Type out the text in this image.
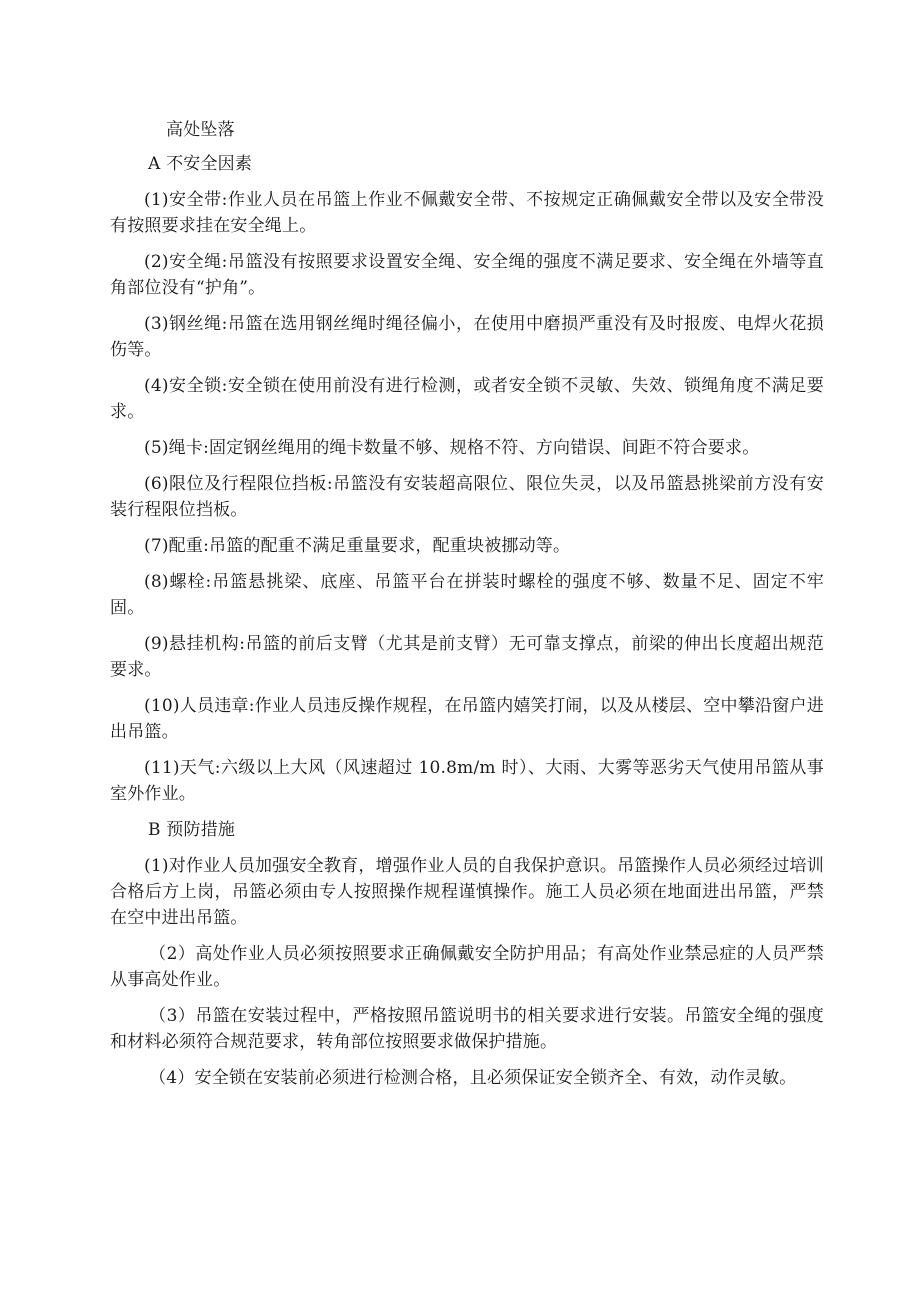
高处坠落

A 不安全因素

(1)安全带:作业人员在吊篮上作业不佩戴安全带、不按规定正确佩戴安全带以及安全带没有按照要求挂在安全绳上。

(2)安全绳:吊篮没有按照要求设置安全绳、安全绳的强度不满足要求、安全绳在外墙等直角部位没有“护角”。

(3)钢丝绳:吊篮在选用钢丝绳时绳径偏小，在使用中磨损严重没有及时报废、电焊火花损伤等。

(4)安全锁:安全锁在使用前没有进行检测，或者安全锁不灵敏、失效、锁绳角度不满足要求。

(5)绳卡:固定钢丝绳用的绳卡数量不够、规格不符、方向错误、间距不符合要求。

(6)限位及行程限位挡板:吊篮没有安装超高限位、限位失灵，以及吊篮悬挑梁前方没有安装行程限位挡板。

(7)配重:吊篮的配重不满足重量要求，配重块被挪动等。

(8)螺栓:吊篮悬挑梁、底座、吊篮平台在拼装时螺栓的强度不够、数量不足、固定不牢固。

(9)悬挂机构:吊篮的前后支臂（尤其是前支臂）无可靠支撑点，前梁的伸出长度超出规范要求。

(10)人员违章:作业人员违反操作规程，在吊篮内嬉笑打闹，以及从楼层、空中攀沿窗户进出吊篮。

(11)天气:六级以上大风（风速超过 10.8m/m 时）、大雨、大雾等恶劣天气使用吊篮从事室外作业。

B 预防措施

(1)对作业人员加强安全教育，增强作业人员的自我保护意识。吊篮操作人员必须经过培训合格后方上岗，吊篮必须由专人按照操作规程谨慎操作。施工人员必须在地面进出吊篮，严禁在空中进出吊篮。

（2）高处作业人员必须按照要求正确佩戴安全防护用品；有高处作业禁忌症的人员严禁从事高处作业。

（3）吊篮在安装过程中，严格按照吊篮说明书的相关要求进行安装。吊篮安全绳的强度和材料必须符合规范要求，转角部位按照要求做保护措施。

（4）安全锁在安装前必须进行检测合格，且必须保证安全锁齐全、有效，动作灵敏。
